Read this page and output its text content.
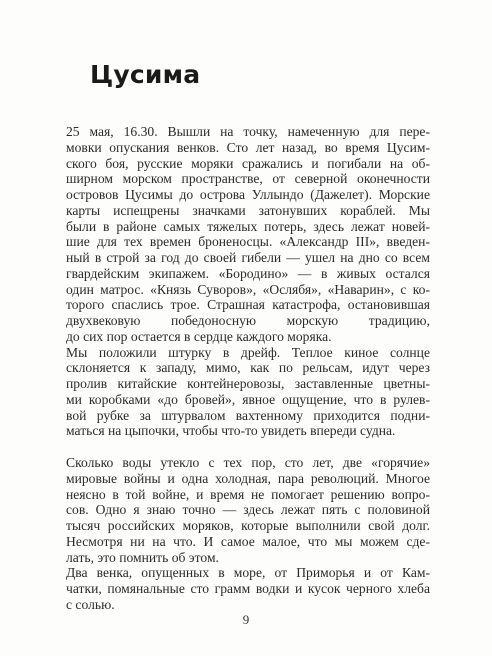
Цусима

25 мая, 16.30. Вышли на точку, намеченную для пере-
мовки опускания венков. Сто лет назад, во время Цусим-
ского боя, русские моряки сражались и погибали на об-
ширном морском пространстве, от северной оконечности
островов Цусимы до острова Уллындо (Дажелет). Морские
карты испещрены значками затонувших кораблей. Мы
были в районе самых тяжелых потерь, здесь лежат новей-
шие для тех времен броненосцы. «Александр III», введен-
ный в строй за год до своей гибели — ушел на дно со всем
гвардейским экипажем. «Бородино» — в живых остался
один матрос. «Князь Суворов», «Ослябя», «Наварин», с ко-
торого спаслись трое. Страшная катастрофа, остановившая
двухвековую победоносную морскую традицию,
до сих пор остается в сердце каждого моряка.

Мы положили штурку в дрейф. Теплое киное солнце
склоняется к западу, мимо, как по рельсам, идут через
пролив китайские контейнеровозы, заставленные цветны-
ми коробками «до бровей», явное ощущение, что в рулев-
вой рубке за штурвалом вахтенному приходится подни-
маться на цыпочки, чтобы что-то увидеть впереди судна.

Сколько воды утекло с тех пор, сто лет, две «горячие»
мировые войны и одна холодная, пара революций. Многое
неясно в той войне, и время не помогает решению вопро-
сов. Одно я знаю точно — здесь лежат пять с половиной
тысяч российских моряков, которые выполнили свой долг.
Несмотря ни на что. И самое малое, что мы можем сде-
лать, это помнить об этом.

Два венка, опущенных в море, от Приморья и от Кам-
чатки, помянальные сто грамм водки и кусок черного хлеба
с солью.

9
